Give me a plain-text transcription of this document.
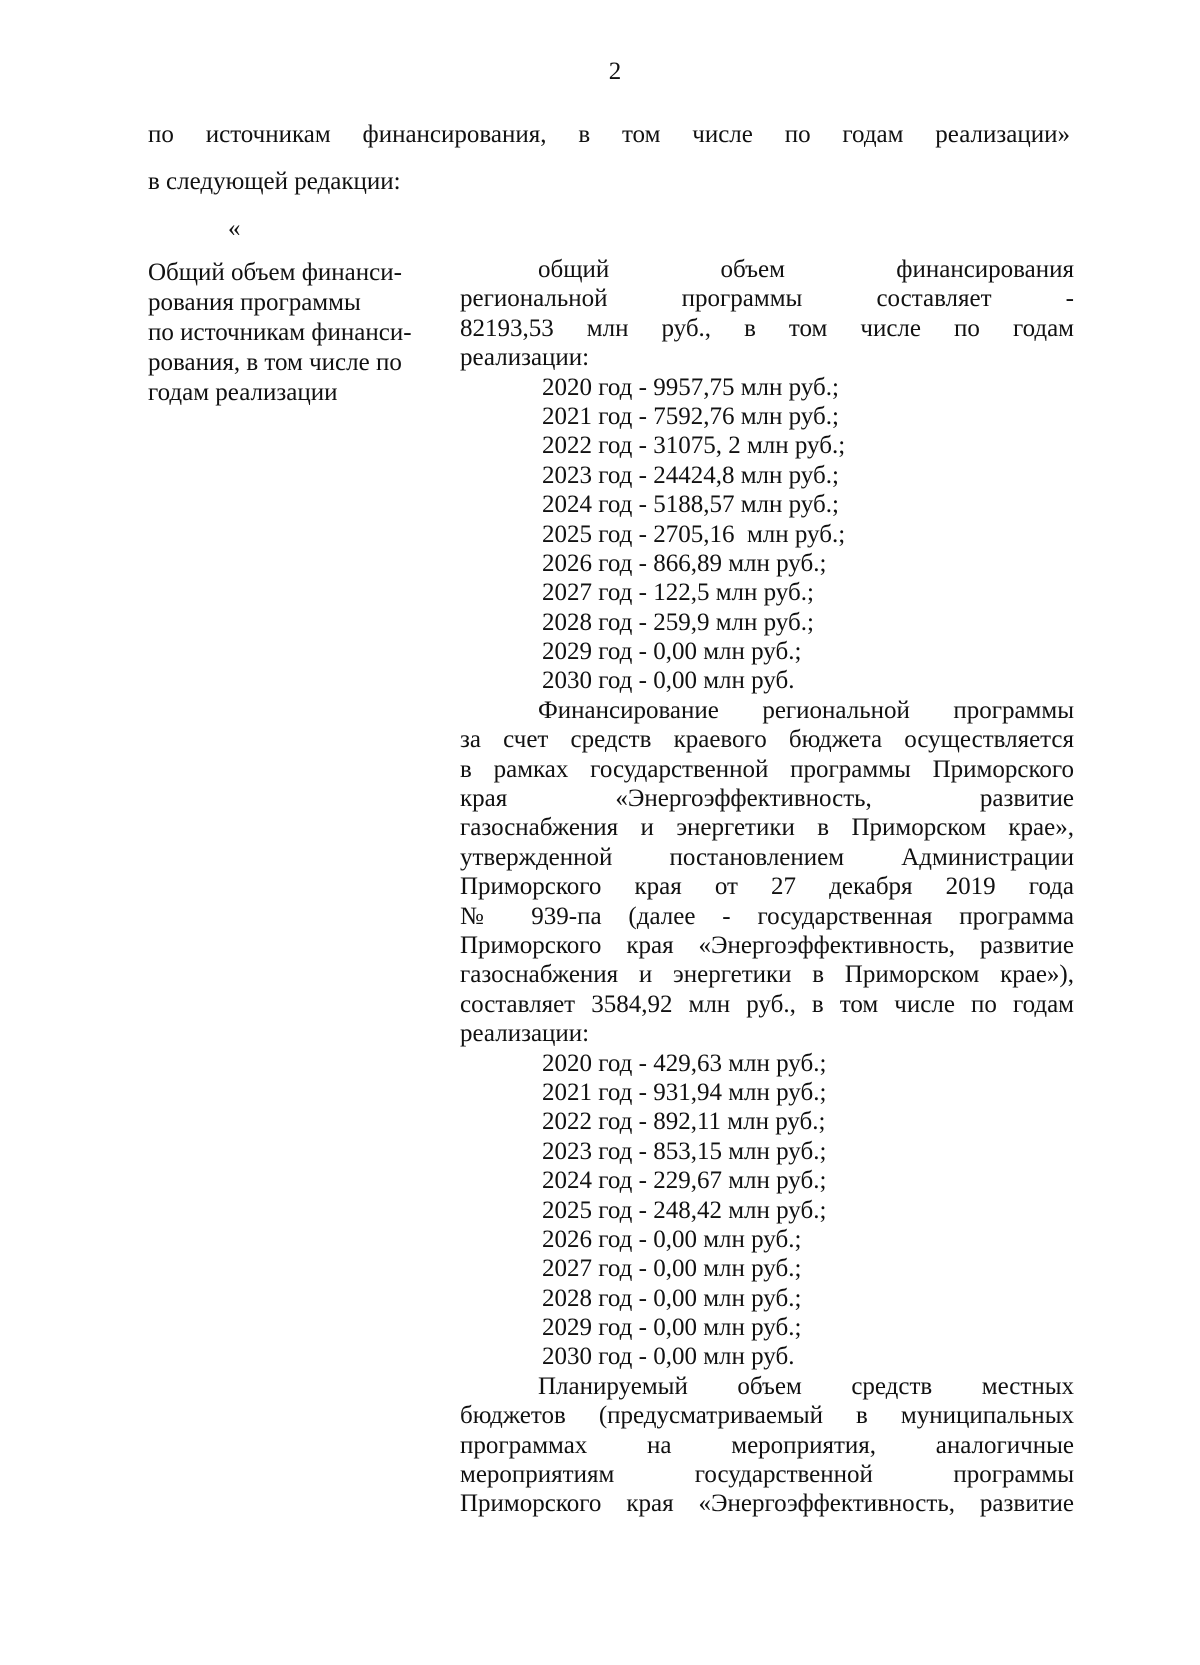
2
по источникам финансирования, в том числе по годам реализации»
в следующей редакции:
«
Общий объем финанси-
рования программы
по источникам финанси-
рования, в том числе по
годам реализации
общий объем финансирования
региональной программы составляет -
82193,53 млн руб., в том числе по годам
реализации:
2020 год - 9957,75 млн руб.;
2021 год - 7592,76 млн руб.;
2022 год - 31075, 2 млн руб.;
2023 год - 24424,8 млн руб.;
2024 год - 5188,57 млн руб.;
2025 год - 2705,16  млн руб.;
2026 год - 866,89 млн руб.;
2027 год - 122,5 млн руб.;
2028 год - 259,9 млн руб.;
2029 год - 0,00 млн руб.;
2030 год - 0,00 млн руб.
Финансирование региональной программы
за счет средств краевого бюджета осуществляется
в рамках государственной программы Приморского
края «Энергоэффективность, развитие
газоснабжения и энергетики в Приморском крае»,
утвержденной постановлением Администрации
Приморского края от 27 декабря 2019 года
№ 939-па (далее - государственная программа
Приморского края «Энергоэффективность, развитие
газоснабжения и энергетики в Приморском крае»),
составляет 3584,92 млн руб., в том числе по годам
реализации:
2020 год - 429,63 млн руб.;
2021 год - 931,94 млн руб.;
2022 год - 892,11 млн руб.;
2023 год - 853,15 млн руб.;
2024 год - 229,67 млн руб.;
2025 год - 248,42 млн руб.;
2026 год - 0,00 млн руб.;
2027 год - 0,00 млн руб.;
2028 год - 0,00 млн руб.;
2029 год - 0,00 млн руб.;
2030 год - 0,00 млн руб.
Планируемый объем средств местных
бюджетов (предусматриваемый в муниципальных
программах на мероприятия, аналогичные
мероприятиям государственной программы
Приморского края «Энергоэффективность, развитие
